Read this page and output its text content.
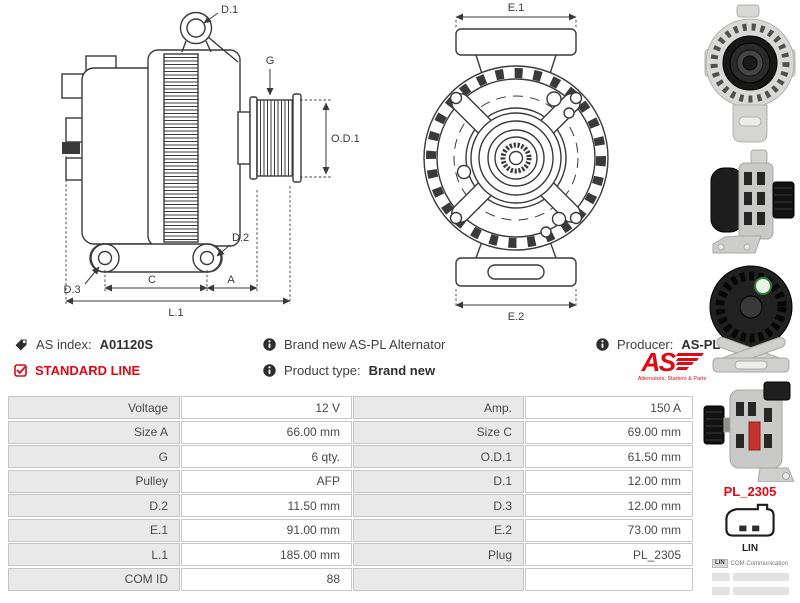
D.1
G
O.D.1
D.2
D.3
C	A
L.1
E.1
E.2
AS index: A01120S	Brand new AS-PL Alternator	Producer: AS-PL
STANDARD LINE	Product type: Brand new	AS
Alternators, Starters & Parts
Voltage	12 V	Amp.	150 A
Size A	66.00 mm	Size C	69.00 mm
G	6 qty.	O.D.1	61.50 mm
Pulley	AFP	D.1	12.00 mm
D.2	11.50 mm	D.3	12.00 mm
E.1	91.00 mm	E.2	73.00 mm
L.1	185.00 mm	Plug	PL_2305
COM ID	88
PL_2305
LIN
LIN	COM Communication
